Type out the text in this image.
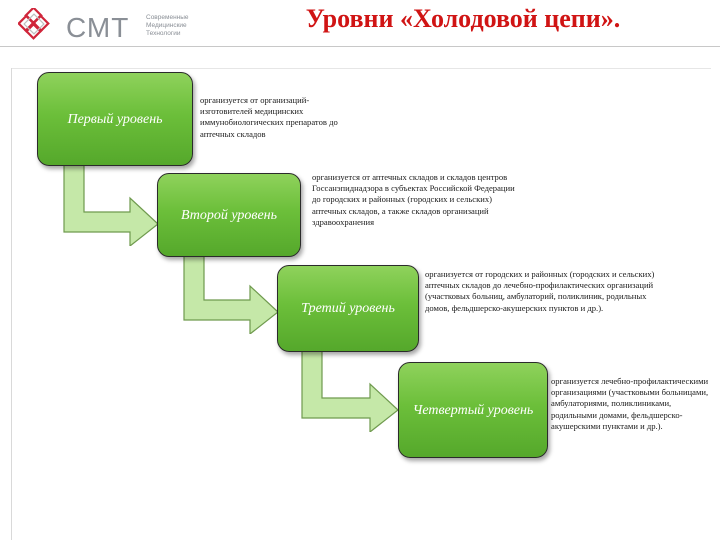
СМТ	Современные
Медицинские
Технологии
Уровни «Холодовой цепи».
Первый уровень
Второй уровень
Третий уровень
Четвертый уровень
организуется от организаций-изготовителей медицинских иммунобиологических препаратов до аптечных складов
организуется от аптечных складов и складов центров Госсанэпиднадзора в субъектах Российской Федерации до городских и районных (городских и сельских) аптечных складов, а также складов организаций здравоохранения
организуется от городских и районных (городских и сельских) аптечных складов до лечебно-профилактических организаций (участковых больниц, амбулаторий, поликлиник, родильных домов, фельдшерско-акушерских пунктов и др.).
организуется лечебно-профилактическими организациями (участковыми больницами, амбулаториями, поликлиниками, родильными домами, фельдшерско-акушерскими пунктами и др.).
